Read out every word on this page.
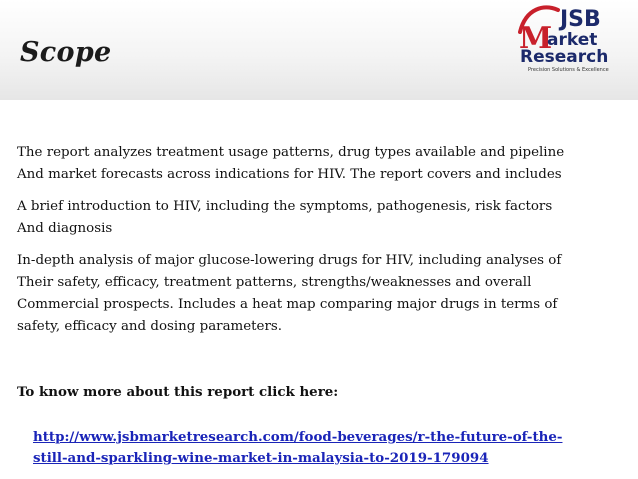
Scope	M
JSB
arket
Research
Precision Solutions & Excellence

The report analyzes treatment usage patterns, drug types available and pipeline
And market forecasts across indications for HIV. The report covers and includes

A brief introduction to HIV, including the symptoms, pathogenesis, risk factors
And diagnosis

In-depth analysis of major glucose-lowering drugs for HIV, including analyses of
Their safety, efficacy, treatment patterns, strengths/weaknesses and overall
Commercial prospects. Includes a heat map comparing major drugs in terms of
safety, efficacy and dosing parameters.

To know more about this report click here:
http://www.jsbmarketresearch.com/food-beverages/r-the-future-of-the-
still-and-sparkling-wine-market-in-malaysia-to-2019-179094
